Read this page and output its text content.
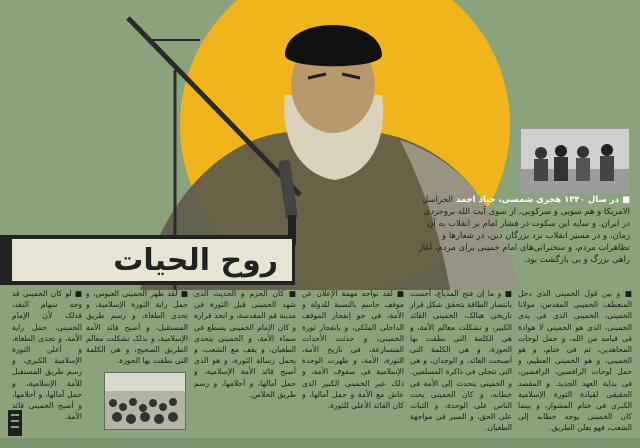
■ در سال ۱۳۴۰ هجری شمسی، جیاد احمد الحراسل الامریکا و هم سویی و سرکوبی، از سوی آیت الله بروجردی در ایران. و سایه این سکوت در فشار امام بر انقلاب به آن زمان، و در مسیر انقلاب نزد بزرگان دین، در شعارها و تظاهرات مردم، و سخنرانی‌های امام خمینی برای مردم، آغاز راهی بزرگ و بی بازگشت بود.
روح الحیات
■ و بین قول الخمینی الذی دخل المنعطف الخمینی المقدس، مولانا الخمینی، الخمینی الذی فی یدی الخمینی، الذی هو الخمینی لا هوادة فی قیامه من الله، و حمل لوحات المجاهدین، ثم فی ختام، و هو الخمینی، و هو الخمینی العظیم، و حمل لوحات الرافضین، الرافضین، فی بدایة العهد الجدید. و المقصد الحقیقی لقیادة الثورة الإسلامیة الکبری فی ختام المشوار، و بینما کان الخمینی یوجه خطابه إلی الشعب، فهو یعلن الطریق.
■ و ما إن فتح المذیاع، أحست بانتصار الطاقة بتحقق شکل قرار تاریخی هنالک، الخمینی القائد الکبیر، و تشکلت معالم الأمة، و هی الکلمة التی نطقت بها الحوزة، و هی الکلمة التی أصبحت القائد، و الوجدان، و هی التی تتجلی فی ذاکرة المسلمین. و الخمینی یتحدث إلی الأمة فی خطابه، و کان الخمینی یحث الناس علی الوحدة، و الثبات علی الحق، و الصبر فی مواجهة الطغیان.
■ لقد نواجه مهمة الإعلان عن موقف حاسم بالنسبة للدولة و الأمة، فی جو إنفجار الموقف الداخلی الملکی، و بانفجار ثورة الخمینی، و حدثت الأحداث المتسارعة، فی تاریخ الأمة، الثورة، الأمة، و ظهرت الوحدة الإسلامیة فی صفوف الأمة، و ذلک عبر الخمینی الکبیر الذی عاش مع الأمة و حمل آمالها، و کان القائد الأعلی للثورة.
■ کان الحزم و الحدیث الذی شهد الخمینی قبل الثورة فی مدینة قم المقدسة، و اتخذ قراره و کان الإمام الخمینی یسطع فی سماء الأمة، و الخمینی یتحدی الطغیان، و یقف مع الشعب، و یحمل رسالة الثورة، و هو الذی أصبح قائد الأمة الإسلامیة، و حمل آمالها، و أحلامها، و رسم طریق الخلاص.
■ لقد ظهر الخمینی العبوس، و حمل رایة الثورة الإسلامیة، و تحدی الطغاة، و رسم طریق المستقبل، و أصبح قائد الأمة الإسلامیة، و بذلک تشکلت معالم الطریق الصحیح، و هی الکلمة التی نطقت بها الحوزة.
■ لو کان الخمینی قد وجه سهام النقد، فذلک لأن الإمام الخمینی، حمل رایة الأمة، و تحدی الطغاة، و أعلن الثورة الإسلامیة الکبری، و رسم طریق المستقبل للأمة الإسلامیة، و حمل آمالها، و أحلامها، و أصبح الخمینی قائد الأمة.
